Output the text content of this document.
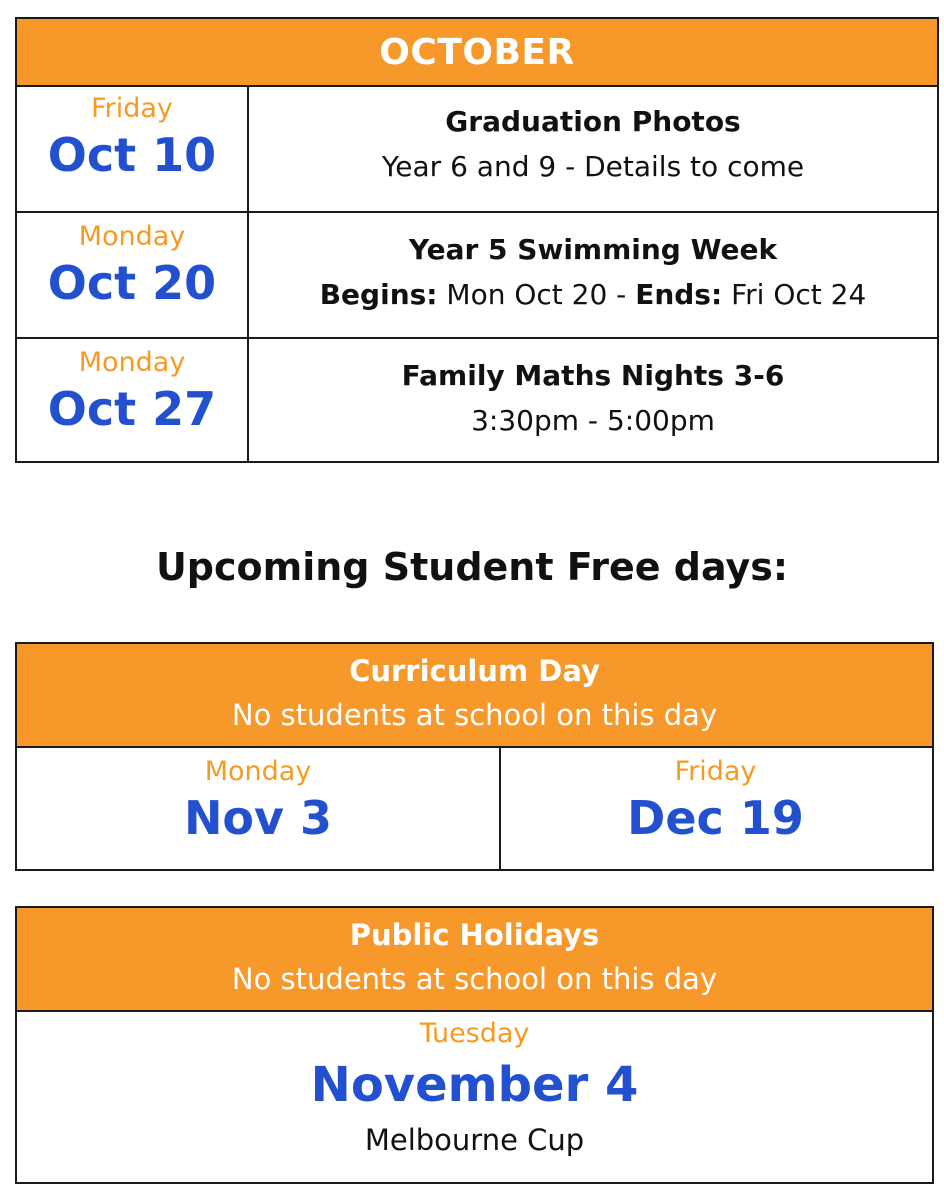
OCTOBER
Friday
Oct 10
Graduation Photos
Year 6 and 9 - Details to come
Monday
Oct 20
Year 5 Swimming Week
Begins: Mon Oct 20 - Ends: Fri Oct 24
Monday
Oct 27
Family Maths Nights 3-6
3:30pm - 5:00pm
Upcoming Student Free days:
Curriculum Day
No students at school on this day
Monday
Nov 3
Friday
Dec 19
Public Holidays
No students at school on this day
Tuesday
November 4
Melbourne Cup
